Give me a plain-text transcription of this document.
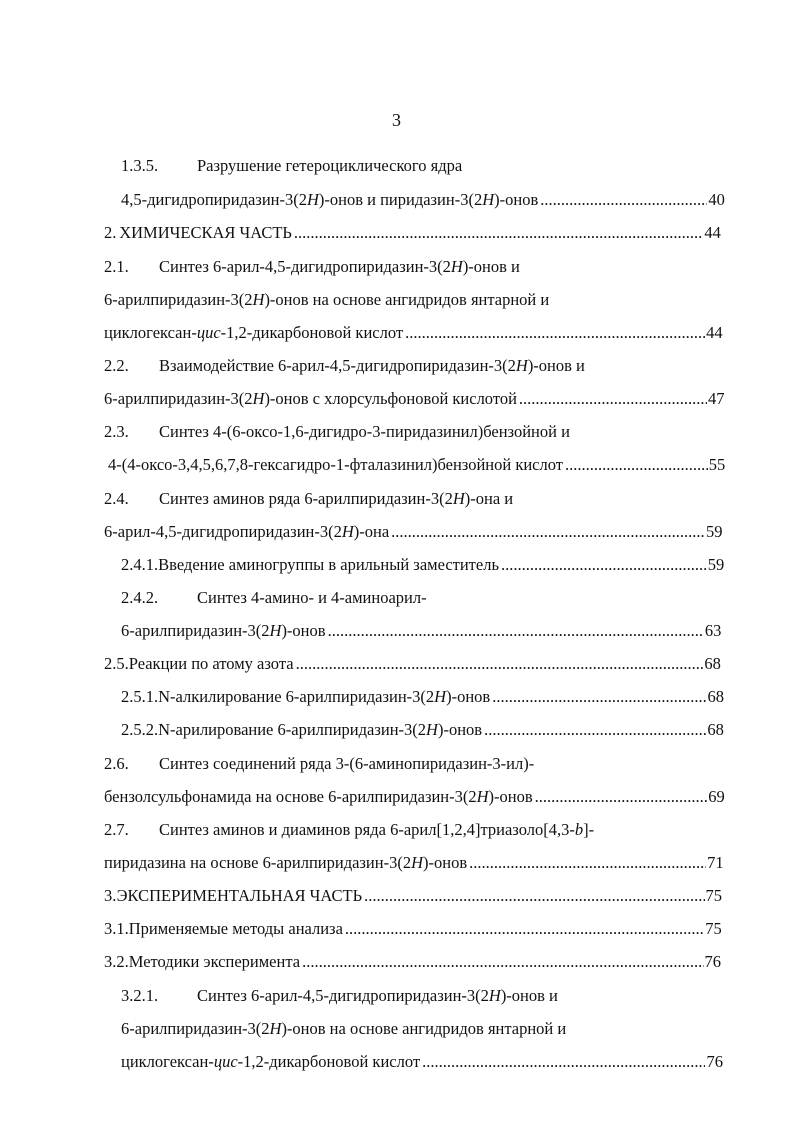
3
1.3.5.	Разрушение гетероциклического ядра
4,5-дигидропиридазин-3(2H)-онов и пиридазин-3(2H)-онов .....	40
2. ХИМИЧЕСКАЯ ЧАСТЬ .....	44
2.1.	Синтез 6-арил-4,5-дигидропиридазин-3(2H)-онов и
6-арилпиридазин-3(2H)-онов на основе ангидридов янтарной и
циклогексан-цис-1,2-дикарбоновой кислот .....	44
2.2.	Взаимодействие 6-арил-4,5-дигидропиридазин-3(2H)-онов и
6-арилпиридазин-3(2H)-онов с хлорсульфоновой кислотой .....	47
2.3.	Синтез 4-(6-оксо-1,6-дигидро-3-пиридазинил)бензойной и
4-(4-оксо-3,4,5,6,7,8-гексагидро-1-фталазинил)бензойной кислот .....	55
2.4.	Синтез аминов ряда 6-арилпиридазин-3(2H)-она и
6-арил-4,5-дигидропиридазин-3(2H)-она .....	59
2.4.1. Введение аминогруппы в арильный заместитель .....	59
2.4.2.	Синтез 4-амино- и 4-аминоарил-
6-арилпиридазин-3(2H)-онов .....	63
2.5. Реакции по атому азота .....	68
2.5.1. N-алкилирование 6-арилпиридазин-3(2H)-онов .....	68
2.5.2. N-арилирование 6-арилпиридазин-3(2H)-онов .....	68
2.6.	Синтез соединений ряда 3-(6-аминопиридазин-3-ил)-
бензолсульфонамида на основе 6-арилпиридазин-3(2H)-онов .....	69
2.7.	Синтез аминов и диаминов ряда 6-арил[1,2,4]триазоло[4,3-b]-
пиридазина на основе 6-арилпиридазин-3(2H)-онов .....	71
3. ЭКСПЕРИМЕНТАЛЬНАЯ ЧАСТЬ .....	75
3.1. Применяемые методы анализа .....	75
3.2. Методики эксперимента .....	76
3.2.1.	Синтез 6-арил-4,5-дигидропиридазин-3(2H)-онов и
6-арилпиридазин-3(2H)-онов на основе ангидридов янтарной и
циклогексан-цис-1,2-дикарбоновой кислот .....	76
